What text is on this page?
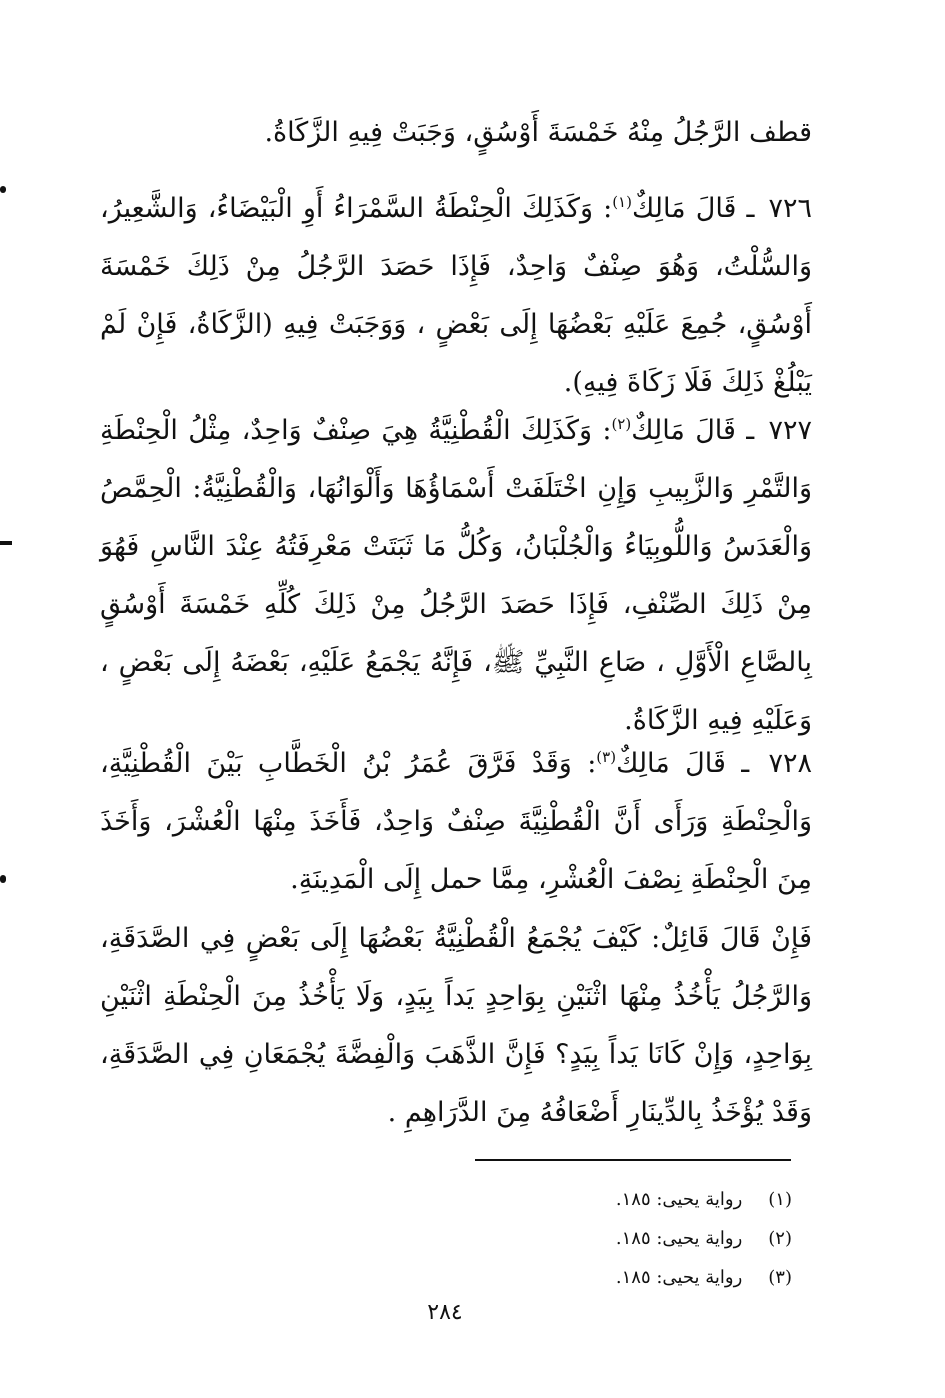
قطف الرَّجُلُ مِنْهُ خَمْسَةَ أَوْسُقٍ، وَجَبَتْ فِيهِ الزَّكَاةُ.

٧٢٦ ـ قَالَ مَالِكٌ$^{(١)}$: وَكَذَلِكَ الْحِنْطَةُ السَّمْرَاءُ أَوِ الْبَيْضَاءُ، وَالشَّعِيرُ، وَالسُّلْتُ، وَهُوَ صِنْفٌ وَاحِدٌ، فَإِذَا حَصَدَ الرَّجُلُ مِنْ ذَلِكَ خَمْسَةَ أَوْسُقٍ، جُمِعَ عَلَيْهِ بَعْضُهَا إِلَى بَعْضٍ ، وَوَجَبَتْ فِيهِ (الزَّكَاةُ، فَإِنْ لَمْ يَبْلُغْ ذَلِكَ فَلَا زَكَاةَ فِيهِ).

٧٢٧ ـ قَالَ مَالِكٌ$^{(٢)}$: وَكَذَلِكَ الْقُطْنِيَّةُ هِيَ صِنْفٌ وَاحِدٌ، مِثْلُ الْحِنْطَةِ وَالتَّمْرِ وَالزَّبِيبِ وَإِنِ اخْتَلَفَتْ أَسْمَاؤُهَا وَأَلْوَانُهَا، وَالْقُطْنِيَّةُ: الْحِمَّصُ وَالْعَدَسُ وَاللُّوبِيَاءُ وَالْجُلْبَانُ، وَكُلُّ مَا ثَبَتَتْ مَعْرِفَتُهُ عِنْدَ النَّاسِ فَهُوَ مِنْ ذَلِكَ الصِّنْفِ، فَإِذَا حَصَدَ الرَّجُلُ مِنْ ذَلِكَ كُلِّهِ خَمْسَةَ أَوْسُقٍ بِالصَّاعِ الْأَوَّلِ ، صَاعِ النَّبِيِّ ﷺ، فَإِنَّهُ يَجْمَعُ عَلَيْهِ، بَعْضَهُ إِلَى بَعْضٍ ، وَعَلَيْهِ فِيهِ الزَّكَاةُ.

٧٢٨ ـ قَالَ مَالِكٌ$^{(٣)}$: وَقَدْ فَرَّقَ عُمَرُ بْنُ الْخَطَّابِ بَيْنَ الْقُطْنِيَّةِ، وَالْحِنْطَةِ وَرَأَى أَنَّ الْقُطْنِيَّةَ صِنْفٌ وَاحِدٌ، فَأَخَذَ مِنْهَا الْعُشْرَ، وَأَخَذَ مِنَ الْحِنْطَةِ نِصْفَ الْعُشْرِ، مِمَّا حمل إِلَى الْمَدِينَةِ.

فَإِنْ قَالَ قَائِلٌ: كَيْفَ يُجْمَعُ الْقُطْنِيَّةُ بَعْضُهَا إِلَى بَعْضٍ فِي الصَّدَقَةِ، وَالرَّجُلُ يَأْخُذُ مِنْهَا اثْنَيْنِ بِوَاحِدٍ يَداً بِيَدٍ، وَلَا يَأْخُذُ مِنَ الْحِنْطَةِ اثْنَيْنِ بِوَاحِدٍ، وَإِنْ كَانَا يَداً بِيَدٍ؟ فَإِنَّ الذَّهَبَ وَالْفِضَّةَ يُجْمَعَانِ فِي الصَّدَقَةِ، وَقَدْ يُؤْخَذُ بِالدِّينَارِ أَضْعَافُهُ مِنَ الدَّرَاهِمِ .

(١) رواية يحيى: ١٨٥.
(٢) رواية يحيى: ١٨٥.
(٣) رواية يحيى: ١٨٥.
٢٨٤
